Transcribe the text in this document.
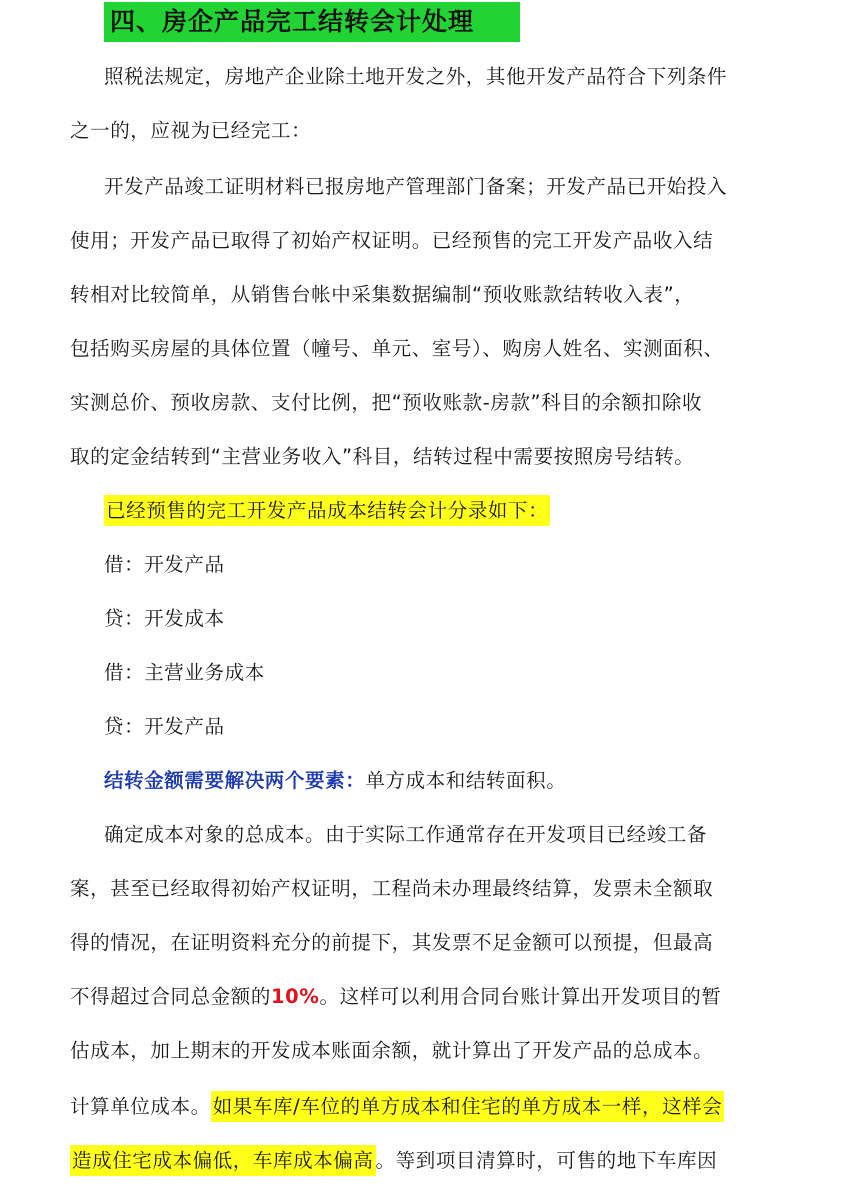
四、房企产品完工结转会计处理
照税法规定，房地产企业除土地开发之外，其他开发产品符合下列条件
之一的，应视为已经完工：
开发产品竣工证明材料已报房地产管理部门备案；开发产品已开始投入
使用；开发产品已取得了初始产权证明。已经预售的完工开发产品收入结
转相对比较简单，从销售台帐中采集数据编制“预收账款结转收入表”，
包括购买房屋的具体位置（幢号、单元、室号）、购房人姓名、实测面积、
实测总价、预收房款、支付比例，把“预收账款-房款”科目的余额扣除收
取的定金结转到“主营业务收入”科目，结转过程中需要按照房号结转。
已经预售的完工开发产品成本结转会计分录如下：
借：开发产品
贷：开发成本
借：主营业务成本
贷：开发产品
结转金额需要解决两个要素：单方成本和结转面积。
确定成本对象的总成本。由于实际工作通常存在开发项目已经竣工备
案，甚至已经取得初始产权证明，工程尚未办理最终结算，发票未全额取
得的情况，在证明资料充分的前提下，其发票不足金额可以预提，但最高
不得超过合同总金额的10%。这样可以利用合同台账计算出开发项目的暂
估成本，加上期末的开发成本账面余额，就计算出了开发产品的总成本。
计算单位成本。 如果车库/车位的单方成本和住宅的单方成本一样，这样会
造成住宅成本偏低，车库成本偏高 。等到项目清算时，可售的地下车库因
